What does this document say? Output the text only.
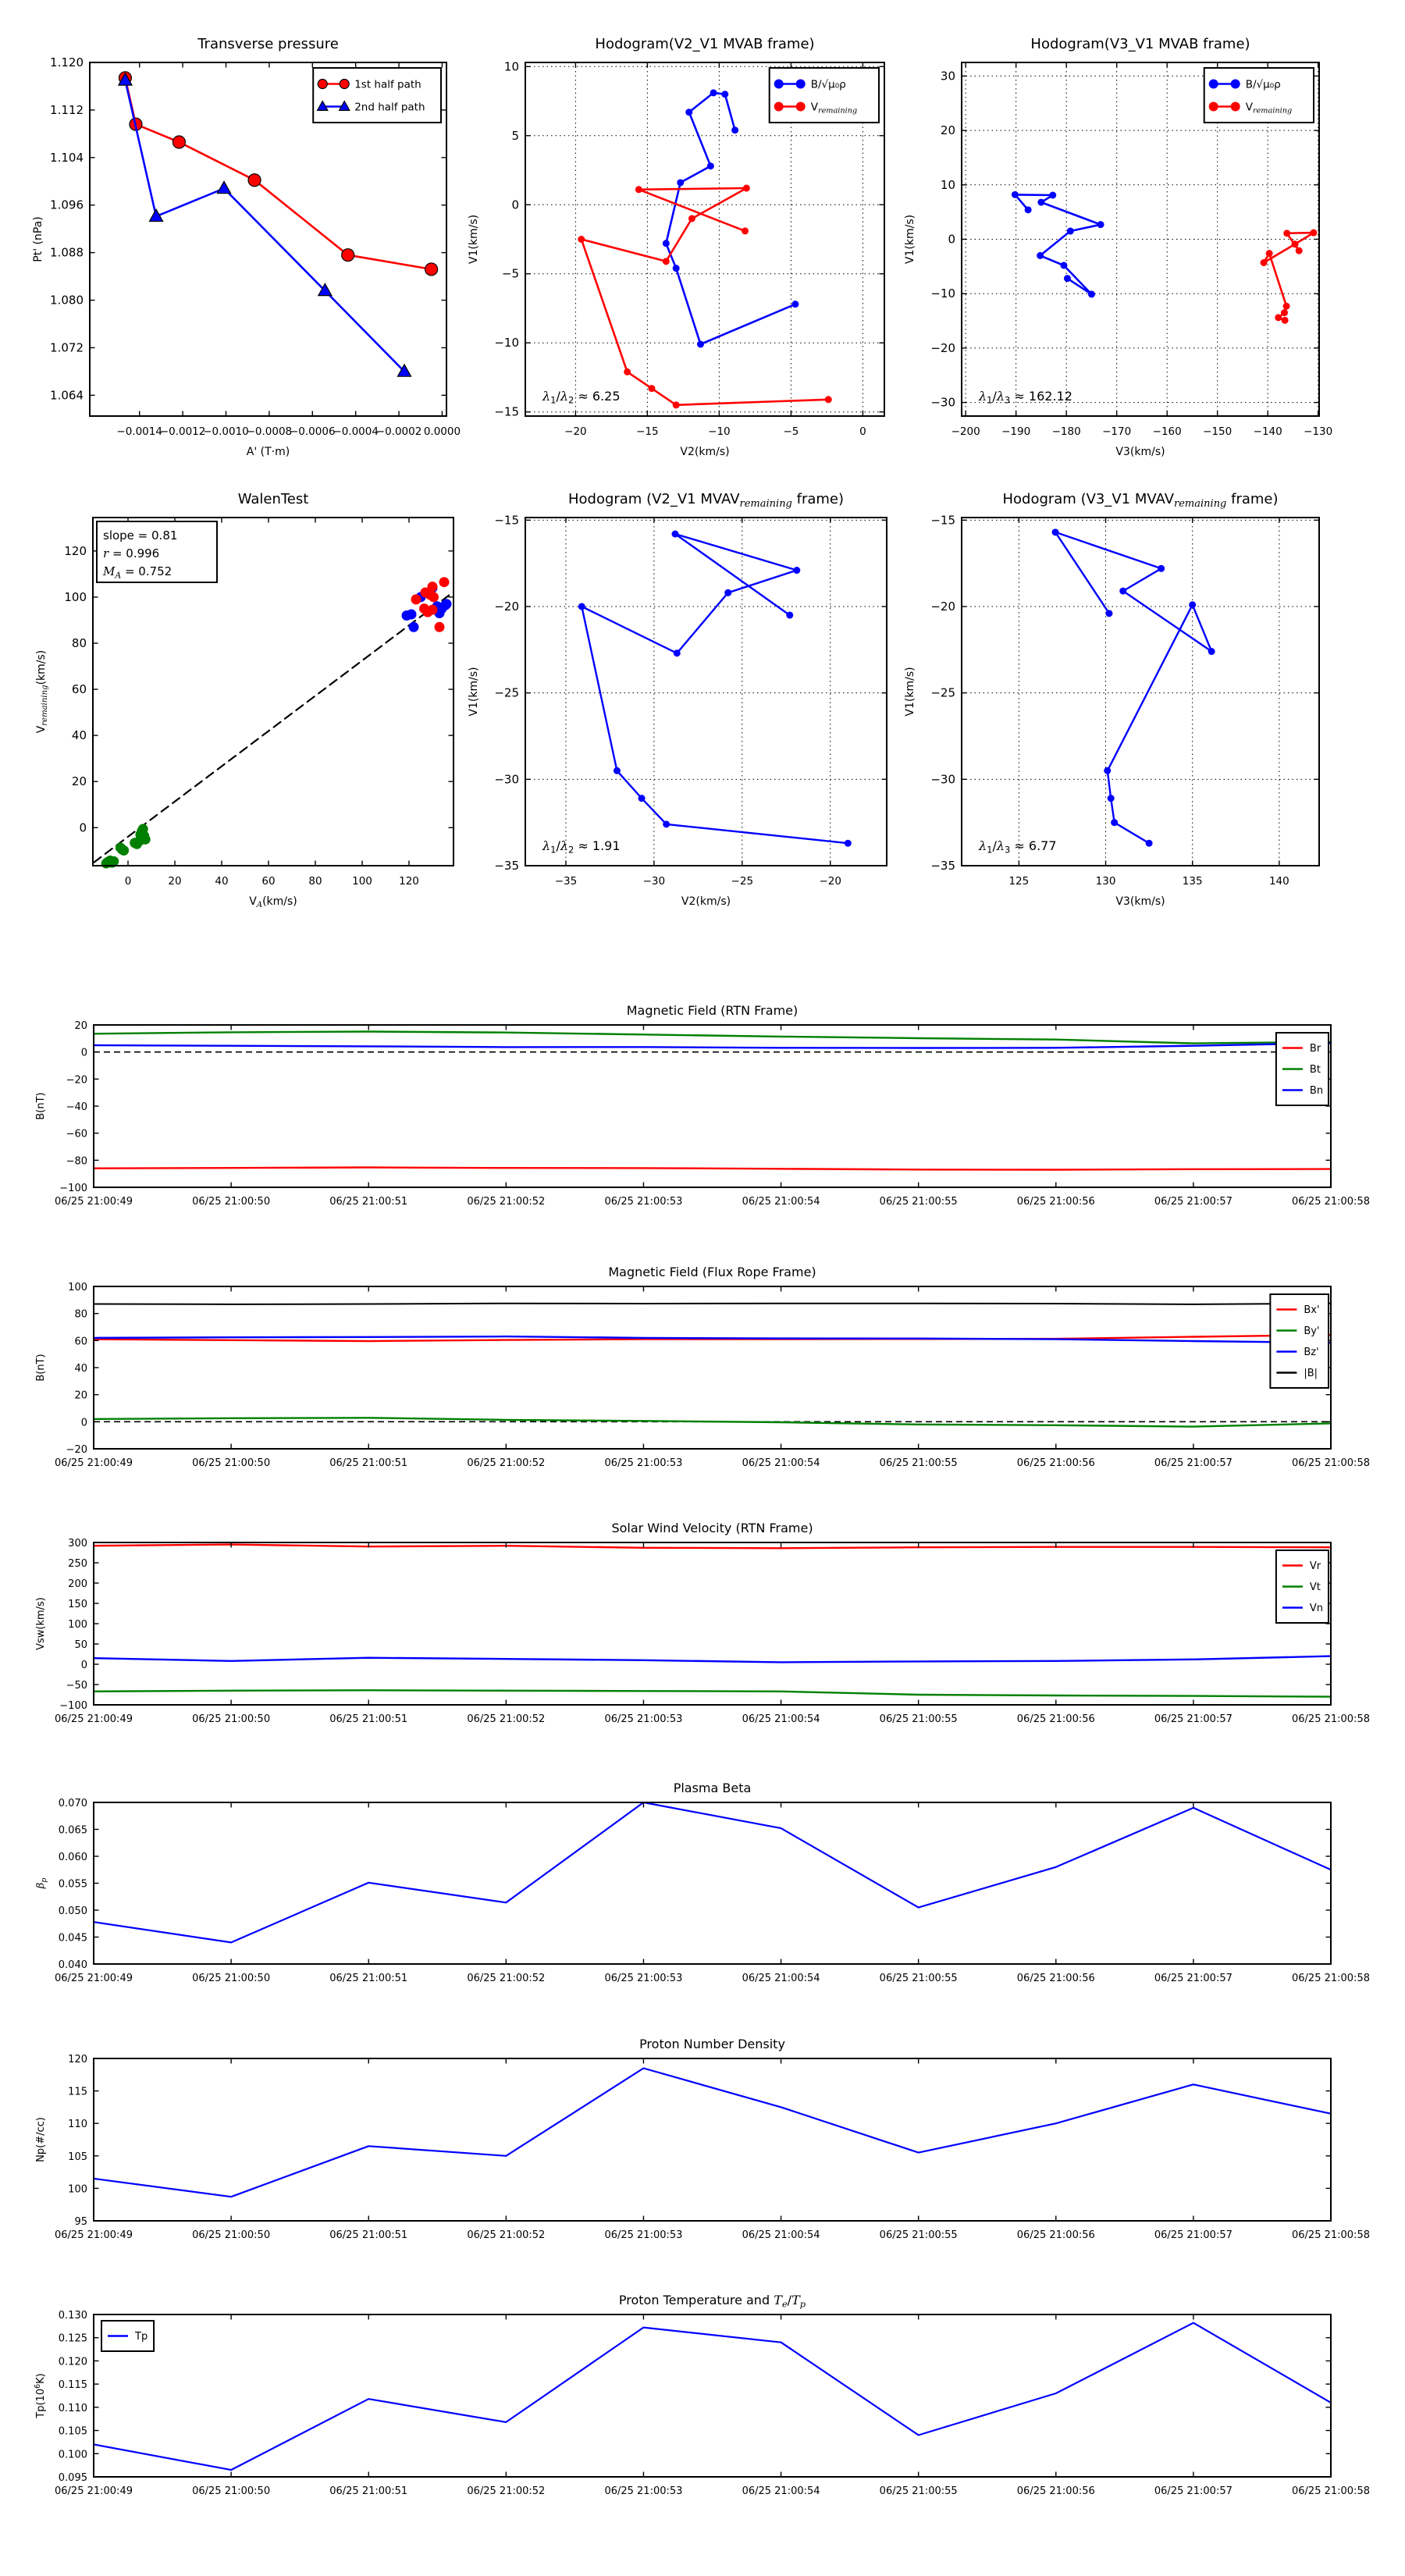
−0.0014
−0.0012
−0.0010
−0.0008
−0.0006
−0.0004
−0.0002 0.0000
1.064
1.072
1.080
1.088
1.096
1.104
1.112
1.120
Transverse pressure
A' (T·m)
Pt' (nPa)
1st half path
2nd half path
−20	−15	−10	−5	0
10
5
0
−5
−10
−15
Hodogram(V2_V1 MVAB frame)
V2(km/s)
V1(km/s)
$\lambda_1/\lambda_2 \approx 6.25$
B/√μ₀ρ
$V_{remaining}$
−200 −190 −180 −170 −160 −150 −140 −130
30
20
10
0
−10
−20
−30
Hodogram(V3_V1 MVAB frame)
V3(km/s)
V1(km/s)
$\lambda_1/\lambda_3 \approx 162.12$
B/√μ₀ρ
$V_{remaining}$
0	20	40	60	80	100	120
0
20
40
60
80
100
120
WalenTest
$V_A(km/s)$
$V_{remaining}(km/s)$
slope = 0.81
r = 0.996
$M_A = 0.752$
−35	−30	−25	−20
−15
−20
−25
−30
−35
Hodogram (V2_V1 $MVAV_{remaining}$ frame)
V2(km/s)
V1(km/s)
$\lambda_1/\lambda_2 \approx 1.91$
125	130	135	140
−15
−20
−25
−30
−35
Hodogram (V3_V1 $MVAV_{remaining}$ frame)
V3(km/s)
V1(km/s)
$\lambda_1/\lambda_3 \approx 6.77$
06/25 21:00:49	06/25 21:00:50	06/25 21:00:51	06/25 21:00:52	06/25 21:00:53	06/25 21:00:54	06/25 21:00:55	06/25 21:00:56	06/25 21:00:57	06/25 21:00:58
20
0
−20
−40
−60
−80
−100
Magnetic Field (RTN Frame)
B(nT)
Br
Bt
Bn
06/25 21:00:49	06/25 21:00:50	06/25 21:00:51	06/25 21:00:52	06/25 21:00:53	06/25 21:00:54	06/25 21:00:55	06/25 21:00:56	06/25 21:00:57	06/25 21:00:58
100
80
60
40
20
0
−20
Magnetic Field (Flux Rope Frame)
B(nT)
Bx'
By'
Bz'
|B|
06/25 21:00:49	06/25 21:00:50	06/25 21:00:51	06/25 21:00:52	06/25 21:00:53	06/25 21:00:54	06/25 21:00:55	06/25 21:00:56	06/25 21:00:57	06/25 21:00:58
300
250
200
150
100
50
0
−50
−100
Solar Wind Velocity (RTN Frame)
Vsw(km/s)
Vr
Vt
Vn
06/25 21:00:49	06/25 21:00:50	06/25 21:00:51	06/25 21:00:52	06/25 21:00:53	06/25 21:00:54	06/25 21:00:55	06/25 21:00:56	06/25 21:00:57	06/25 21:00:58
0.040
0.045
0.050
0.055
0.060
0.065
0.070
Plasma Beta
$\beta_p$
06/25 21:00:49	06/25 21:00:50	06/25 21:00:51	06/25 21:00:52	06/25 21:00:53	06/25 21:00:54	06/25 21:00:55	06/25 21:00:56	06/25 21:00:57	06/25 21:00:58
95
100
105
110
115
120
Proton Number Density
Np(#/cc)
06/25 21:00:49	06/25 21:00:50	06/25 21:00:51	06/25 21:00:52	06/25 21:00:53	06/25 21:00:54	06/25 21:00:55	06/25 21:00:56	06/25 21:00:57	06/25 21:00:58
0.095
0.100
0.105
0.110
0.115
0.120
0.125
0.130
Proton Temperature and $T_e/T_p$
$Tp(10^6K)$
Tp
